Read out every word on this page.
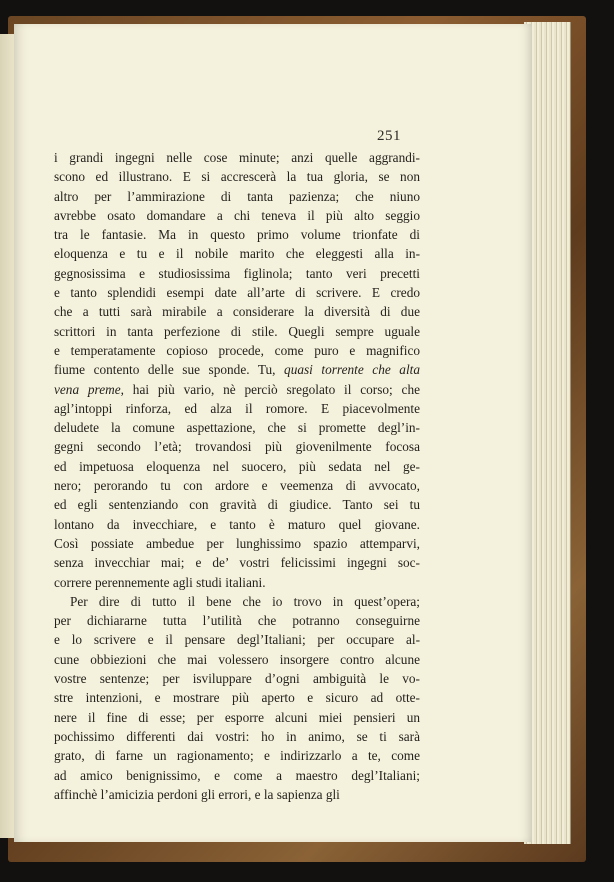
251
i grandi ingegni nelle cose minute; anzi quelle aggrandi-
scono ed illustrano. E si accrescerà la tua gloria, se non
altro per l’ammirazione di tanta pazienza; che niuno
avrebbe osato domandare a chi teneva il più alto seggio
tra le fantasie. Ma in questo primo volume trionfate di
eloquenza e tu e il nobile marito che eleggesti alla in-
gegnosissima e studiosissima figlinola; tanto veri precetti
e tanto splendidi esempi date all’arte di scrivere. E credo
che a tutti sarà mirabile a considerare la diversità di due
scrittori in tanta perfezione di stile. Quegli sempre uguale
e temperatamente copioso procede, come puro e magnifico
fiume contento delle sue sponde. Tu, quasi torrente che alta
vena preme, hai più vario, nè perciò sregolato il corso; che
agl’intoppi rinforza, ed alza il romore. E piacevolmente
deludete la comune aspettazione, che si promette degl’in-
gegni secondo l’età; trovandosi più giovenilmente focosa
ed impetuosa eloquenza nel suocero, più sedata nel ge-
nero; perorando tu con ardore e veemenza di avvocato,
ed egli sentenziando con gravità di giudice. Tanto sei tu
lontano da invecchiare, e tanto è maturo quel giovane.
Così possiate ambedue per lunghissimo spazio attemparvi,
senza invecchiar mai; e de’ vostri felicissimi ingegni soc-
correre perennemente agli studi italiani.
Per dire di tutto il bene che io trovo in quest’opera;
per dichiararne tutta l’utilità che potranno conseguirne
e lo scrivere e il pensare degl’Italiani; per occupare al-
cune obbiezioni che mai volessero insorgere contro alcune
vostre sentenze; per isviluppare d’ogni ambiguità le vo-
stre intenzioni, e mostrare più aperto e sicuro ad otte-
nere il fine di esse; per esporre alcuni miei pensieri un
pochissimo differenti dai vostri: ho in animo, se ti sarà
grato, di farne un ragionamento; e indirizzarlo a te, come
ad amico benignissimo, e come a maestro degl’Italiani;
affinchè l’amicizia perdoni gli errori, e la sapienza gli
